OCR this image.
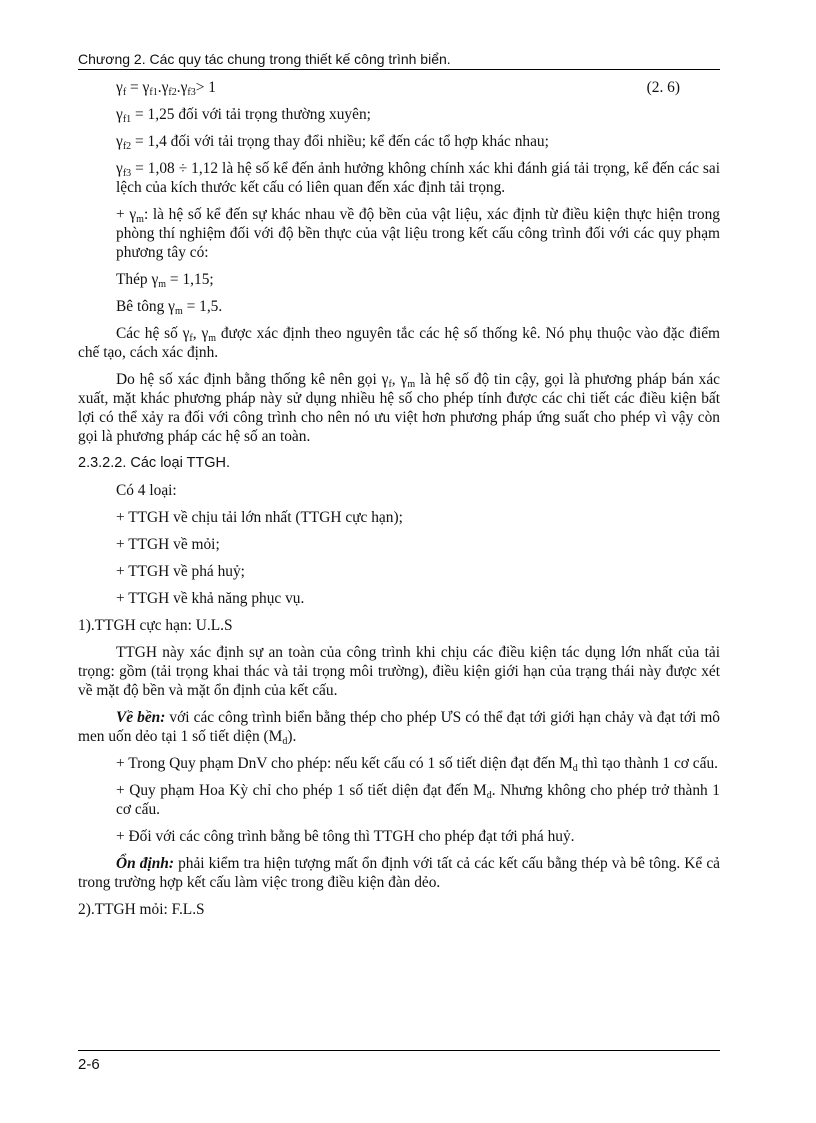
Chương 2. Các quy tác chung trong thiết kế công trình biển.

$\gamma_f = \gamma_{f1}.\gamma_{f2}.\gamma_{f3}> 1$	(2. 6)

$\gamma_{f1} = 1,25$ đối với tải trọng thường xuyên;

$\gamma_{f2} = 1,4$ đối với tải trọng thay đổi nhiều; kể đến các tổ hợp khác nhau;

$\gamma_{f3} = 1,08 \div 1,12$ là hệ số kể đến ảnh hưởng không chính xác khi đánh giá tải trọng, kể đến các sai lệch của kích thước kết cấu có liên quan đến xác định tải trọng.

+ $\gamma_m$: là hệ số kể đến sự khác nhau về độ bền của vật liệu, xác định từ điều kiện thực hiện trong phòng thí nghiệm đối với độ bền thực của vật liệu trong kết cấu công trình đối với các quy phạm phương tây có:

Thép $\gamma_m = 1,15$;

Bê tông $\gamma_m = 1,5$.

Các hệ số $\gamma_f$, $\gamma_m$ được xác định theo nguyên tắc các hệ số thống kê. Nó phụ thuộc vào đặc điểm chế tạo, cách xác định.

Do hệ số xác định bằng thống kê nên gọi $\gamma_f$, $\gamma_m$ là hệ số độ tin cậy, gọi là phương pháp bán xác xuất, mặt khác phương pháp này sử dụng nhiều hệ số cho phép tính được các chi tiết các điều kiện bất lợi có thể xảy ra đối với công trình cho nên nó ưu việt hơn phương pháp ứng suất cho phép vì vậy còn gọi là phương pháp các hệ số an toàn.

2.3.2.2. Các loại TTGH.

Có 4 loại:

+ TTGH về chịu tải lớn nhất (TTGH cực hạn);

+ TTGH về mỏi;

+ TTGH về phá huỷ;

+ TTGH về khả năng phục vụ.

1).TTGH cực hạn: U.L.S

TTGH này xác định sự an toàn của công trình khi chịu các điều kiện tác dụng lớn nhất của tải trọng: gồm (tải trọng khai thác và tải trọng môi trường), điều kiện giới hạn của trạng thái này được xét về mặt độ bền và mặt ổn định của kết cấu.

Về bền: với các công trình biển bằng thép cho phép ƯS có thể đạt tới giới hạn chảy và đạt tới mô men uốn dẻo tại 1 số tiết diện $(M_d)$.

+ Trong Quy phạm DnV cho phép: nếu kết cấu có 1 số tiết diện đạt đến $M_d$ thì tạo thành 1 cơ cấu.

+ Quy phạm Hoa Kỳ chỉ cho phép 1 số tiết diện đạt đến $M_d$. Nhưng không cho phép trở thành 1 cơ cấu.

+ Đối với các công trình bằng bê tông thì TTGH cho phép đạt tới phá huỷ.

Ổn định: phải kiểm tra hiện tượng mất ổn định với tất cả các kết cấu bằng thép và bê tông. Kể cả trong trường hợp kết cấu làm việc trong điều kiện đàn dẻo.

2).TTGH mỏi: F.L.S

2-6
